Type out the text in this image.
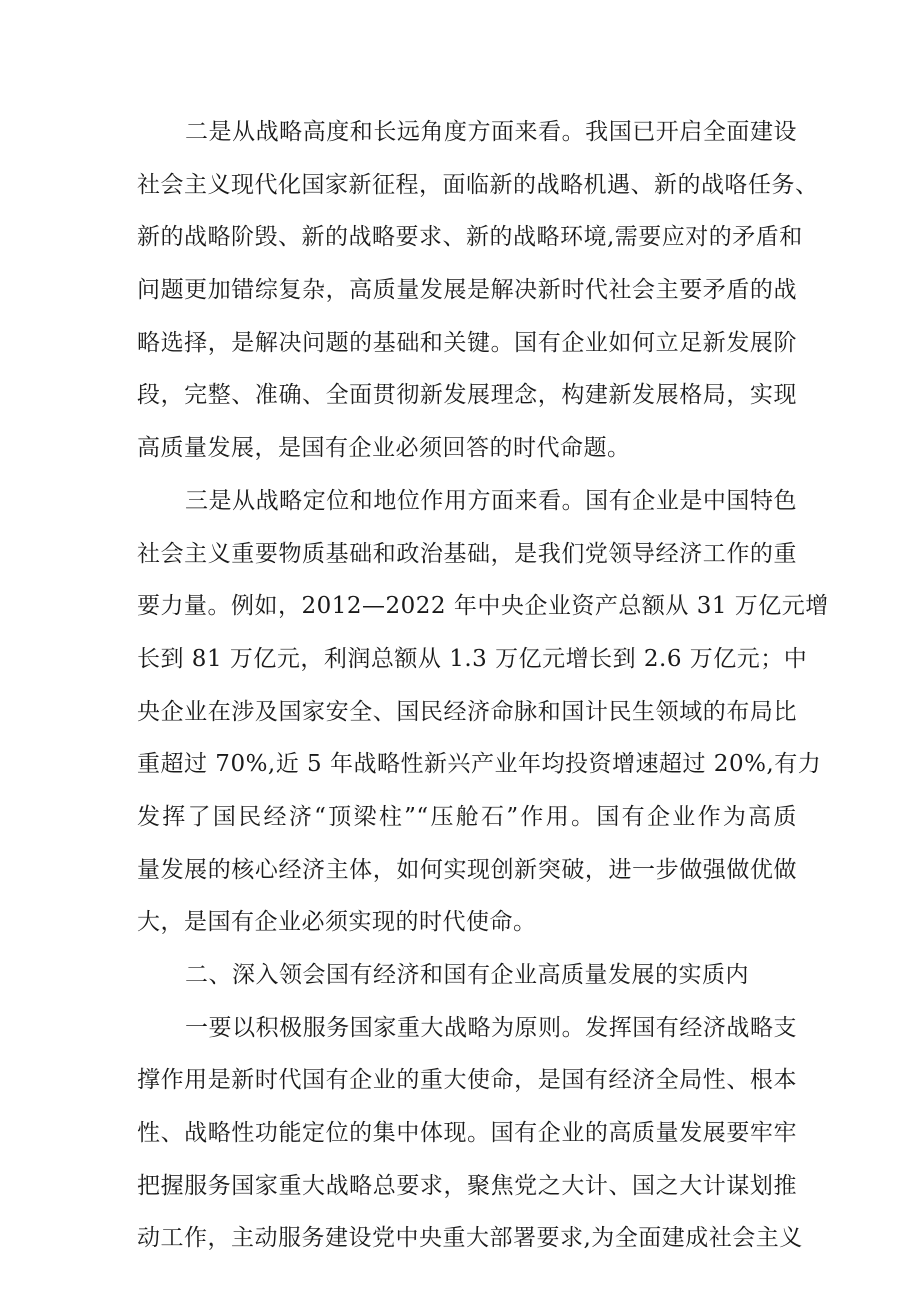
二是从战略高度和长远角度方面来看。我国已开启全面建设
社会主义现代化国家新征程，面临新的战略机遇、新的战咯任务、
新的战略阶毁、新的战略要求、新的战略环境,需要应对的矛盾和
问题更加错综复杂，高质量发展是解决新时代社会主要矛盾的战
略选择，是解决问题的基础和关键。国有企业如何立足新发展阶
段，完整、准确、全面贯彻新发展理念，构建新发展格局，实现
高质量发展，是国有企业必须回答的时代命题。
三是从战略定位和地位作用方面来看。国有企业是中国特色
社会主义重要物质基础和政治基础，是我们党领导经济工作的重
要力量。例如，2012—2022 年中央企业资产总额从 31 万亿元增
长到 81 万亿元，利润总额从 1.3 万亿元增长到 2.6 万亿元；中
央企业在涉及国家安全、国民经济命脉和国计民生领域的布局比
重超过 70%,近 5 年战略性新兴产业年均投资增速超过 20%,有力
发挥了国民经济“顶梁柱”“压舱石”作用。国有企业作为高质
量发展的核心经济主体，如何实现创新突破，进一步做强做优做
大，是国有企业必须实现的时代使命。
二、深入领会国有经济和国有企业高质量发展的实质内
一要以积极服务国家重大战略为原则。发挥国有经济战略支
撑作用是新时代国有企业的重大使命，是国有经济全局性、根本
性、战略性功能定位的集中体现。国有企业的高质量发展要牢牢
把握服务国家重大战略总要求，聚焦党之大计、国之大计谋划推
动工作，主动服务建设党中央重大部署要求,为全面建成社会主义
